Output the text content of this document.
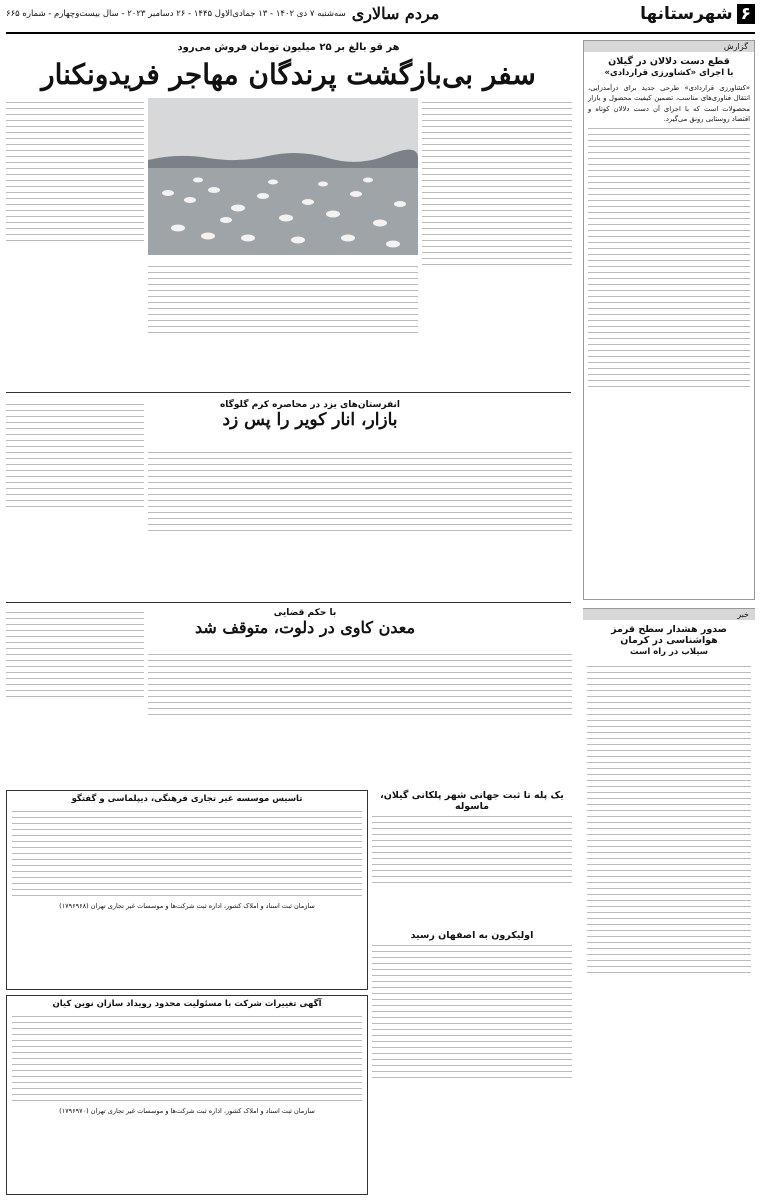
۶
شهرستانها
مردم سالاری
سه‌شنبه ۷ دی ۱۴۰۲ - ۱۳ جمادی‌الاول ۱۴۴۵ - ۲۶ دسامبر ۲۰۲۳ - سال بیست‌وچهارم - شماره ۶۶۵
گزارش
قطع دست دلالان در گیلان
با اجرای «کشاورزی قراردادی»
«کشاورزی قراردادی» طرحی جدید برای درآمدزایی، انتقال فناوری‌های مناسب، تضمین کیفیت محصول و بازار محصولات است که با اجرای آن دست دلالان کوتاه و اقتصاد روستایی رونق می‌گیرد.
خبر
صدور هشدار سطح قرمز هواشناسی در کرمان
سیلاب در راه است
هر قو بالغ بر ۲۵ میلیون تومان فروش می‌رود
سفر بی‌بازگشت پرندگان مهاجر فریدونکنار
انفرستان‌های یزد در محاصره کرم گلوگاه
بازار، انار کویر را پس زد
با حکم قضایی
معدن کاوی در دلوت، متوقف شد
یک پله تا ثبت جهانی شهر پلکانی گیلان، ماسوله
اولیکرون به اصفهان رسید
تاسیس موسسه غیر تجاری فرهنگی، دیپلماسی و گفتگو
سازمان ثبت اسناد و املاک کشور، اداره ثبت شرکت‌ها و موسسات غیر تجاری تهران (۱۷۹۶۹۶۸)
آگهی تغییرات شرکت با مسئولیت محدود رویداد سازان نوین کیان
سازمان ثبت اسناد و املاک کشور، اداره ثبت شرکت‌ها و موسسات غیر تجاری تهران (۱۷۹۶۹۷۰)
